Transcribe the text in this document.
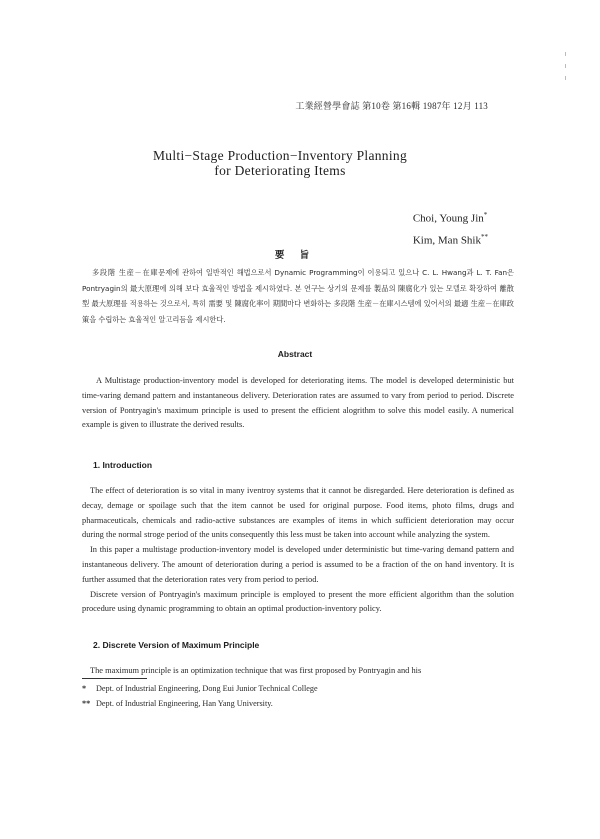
工業經營學會誌 第10卷 第16輯 1987年 12月 113
Multi−Stage Production−Inventory Planning
for Deteriorating Items
Choi, Young Jin*
Kim, Man Shik**
要 旨

多段階 生産－在庫문제에 관하여 일반적인 해법으로서 Dynamic Programming이 이용되고 있으나 C. L. Hwang과 L. T. Fan은 Pontryagin의 最大原理에 의해 보다 효율적인 방법을 제시하였다. 본 연구는 상기의 문제를 製品의 陳腐化가 있는 모델로 확장하여 離散型 最大原理를 적용하는 것으로서, 특히 需要 및 陳腐化率이 期間마다 변화하는 多段階 生産－在庫시스템에 있어서의 最適 生産－在庫政策을 수립하는 효율적인 알고리듬을 제시한다.

Abstract

A Multistage production-inventory model is developed for deteriorating items. The model is developed deterministic but time-varing demand pattern and instantaneous delivery. Deterioration rates are assumed to vary from period to period. Discrete version of Pontryagin's maximum principle is used to present the efficient alogrithm to solve this model easily. A numerical example is given to illustrate the derived results.

1. Introduction

The effect of deterioration is so vital in many iventroy systems that it cannot be disregarded. Here deterioration is defined as decay, demage or spoilage such that the item cannot be used for original purpose. Food items, photo films, drugs and pharmaceuticals, chemicals and radio-active substances are examples of items in which sufficient deterioration may occur during the normal stroge period of the units consequently this less must be taken into account while analyzing the system.

In this paper a multistage production-inventory model is developed under deterministic but time-varing demand pattern and instantaneous delivery. The amount of deterioration during a period is assumed to be a fraction of the on hand inventory. It is further assumed that the deterioration rates very from period to period.

Discrete version of Pontryagin's maximum principle is employed to present the more efficient algorithm than the solution procedure using dynamic programming to obtain an optimal production-inventory policy.

2. Discrete Version of Maximum Principle

The maximum principle is an optimization technique that was first proposed by Pontryagin and his

* Dept. of Industrial Engineering, Dong Eui Junior Technical College
** Dept. of Industrial Engineering, Han Yang University.
